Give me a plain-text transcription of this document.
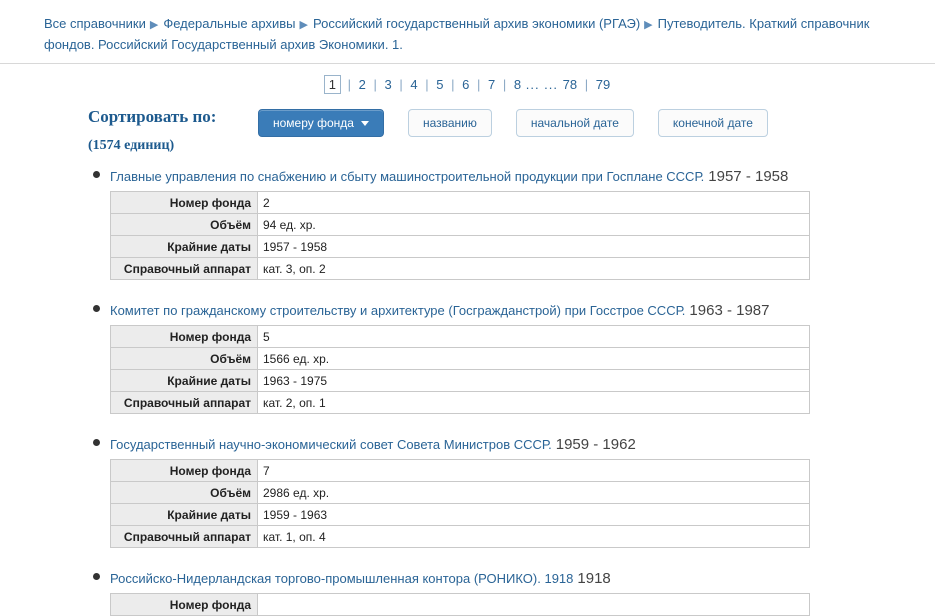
Все справочники ▶ Федеральные архивы ▶ Российский государственный архив экономики (РГАЭ) ▶ Путеводитель. Краткий справочник фондов. Российский Государственный архив Экономики. 1.
1 | 2 | 3 | 4 | 5 | 6 | 7 | 8 ... ... 78 | 79
Сортировать по:
(1574 единиц)
номеру фонда	названию	начальной дате	конечной дате
Главные управления по снабжению и сбыту машиностроительной продукции при Госплане СССР. 1957 - 1958
Номер фонда	2
Объём	94 ед. хр.
Крайние даты	1957 - 1958
Справочный аппарат	кат. 3, оп. 2
Комитет по гражданскому строительству и архитектуре (Госгражданстрой) при Госстрое СССР. 1963 - 1987
Номер фонда	5
Объём	1566 ед. хр.
Крайние даты	1963 - 1975
Справочный аппарат	кат. 2, оп. 1
Государственный научно-экономический совет Совета Министров СССР. 1959 - 1962
Номер фонда	7
Объём	2986 ед. хр.
Крайние даты	1959 - 1963
Справочный аппарат	кат. 1, оп. 4
Российско-Нидерландская торгово-промышленная контора (РОНИКО). 1918 1918
Номер фонда	
